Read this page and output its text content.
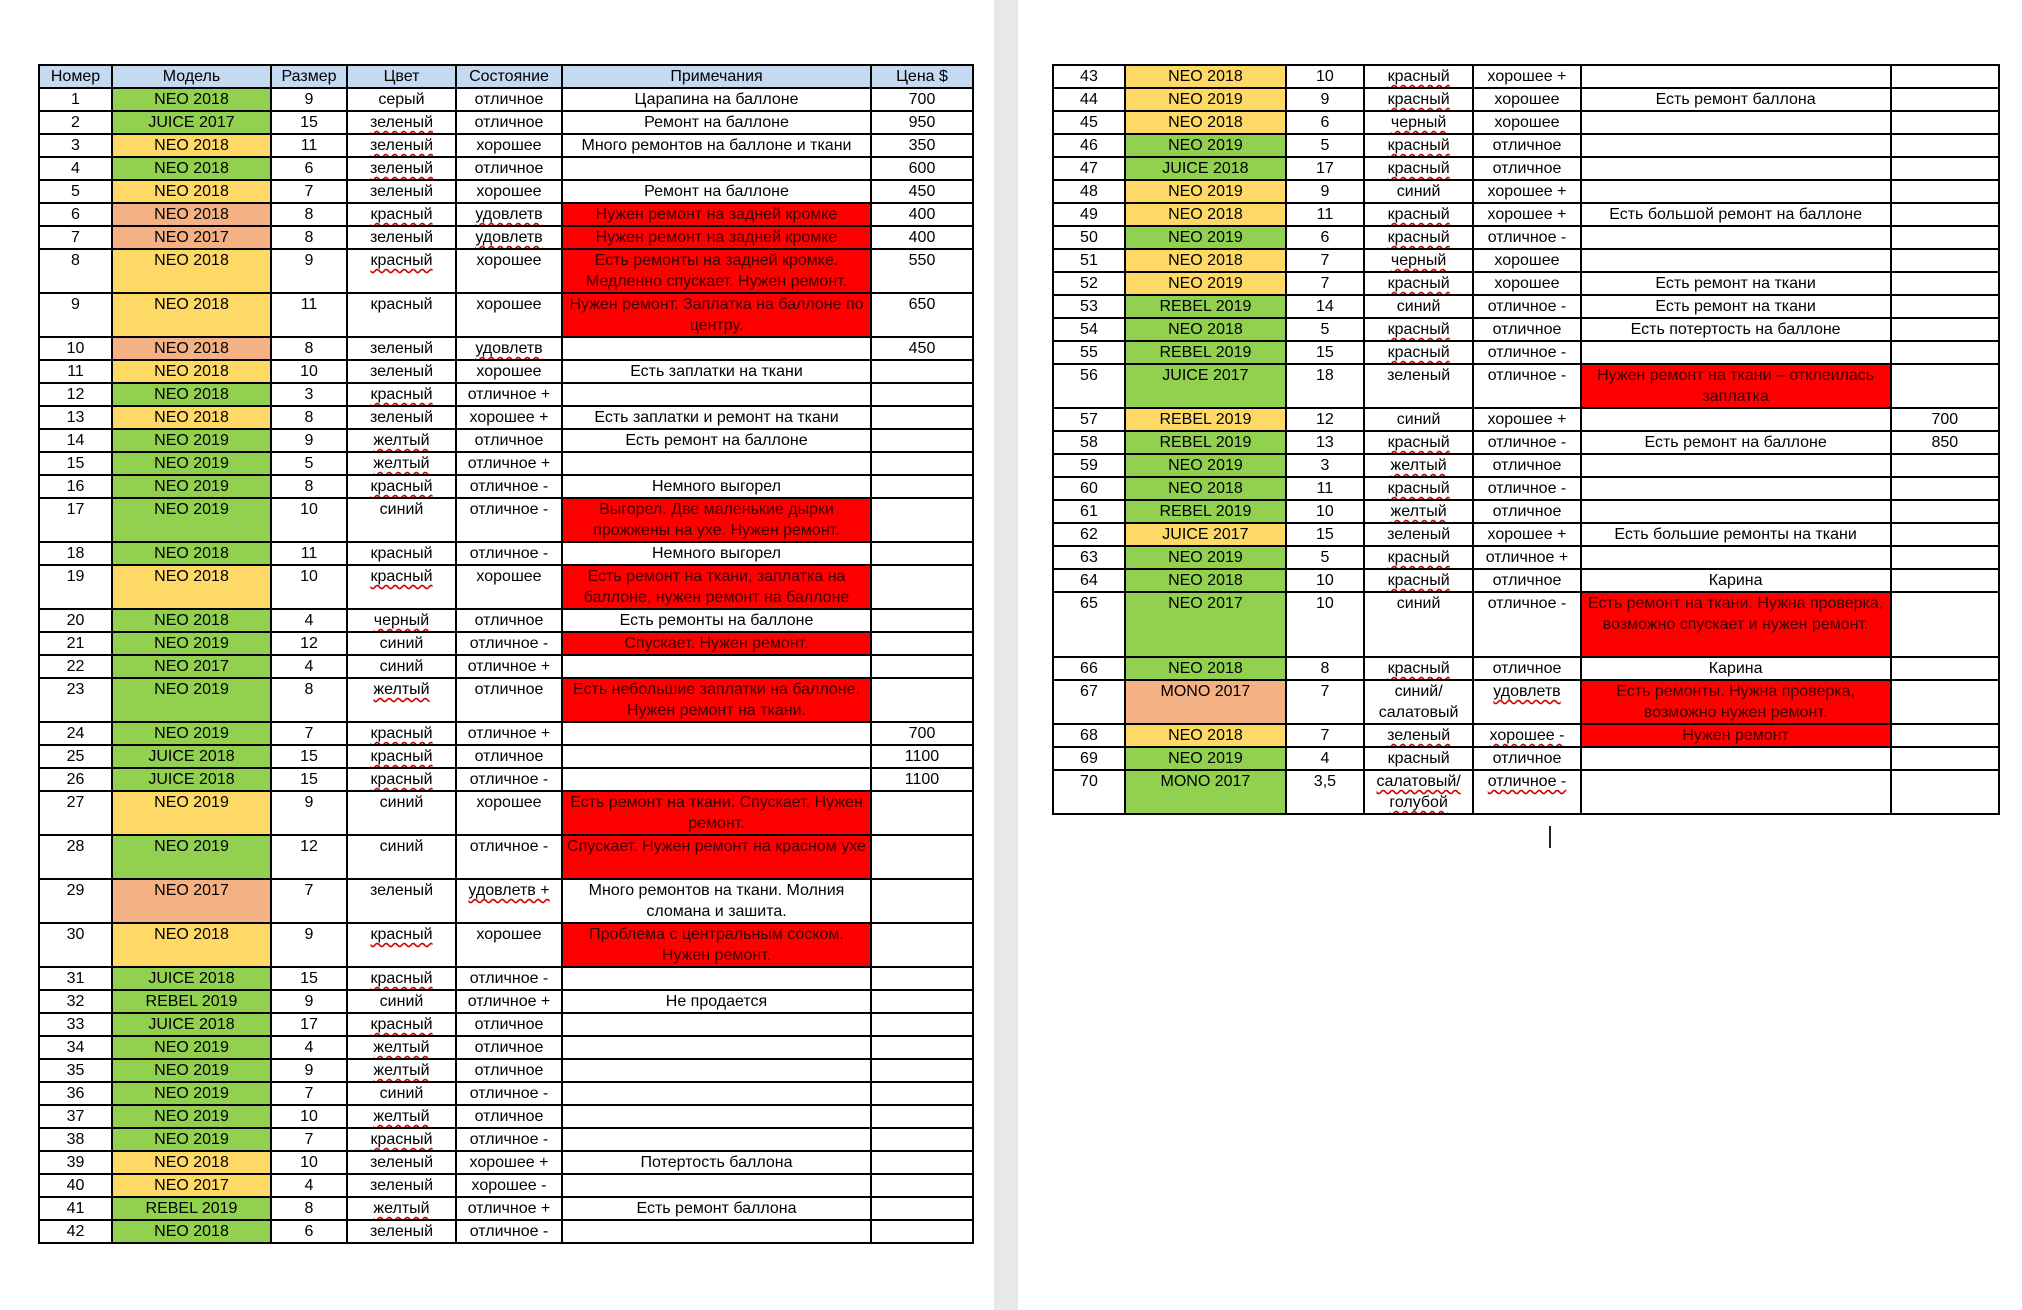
Номер	Модель	Размер	Цвет	Состояние	Примечания	Цена $
1	NEO 2018	9	серый	отличное	Царапина на баллоне	700
2	JUICE 2017	15	зеленый	отличное	Ремонт на баллоне	950
3	NEO 2018	11	зеленый	хорошее	Много ремонтов на баллоне и ткани	350
4	NEO 2018	6	зеленый	отличное		600
5	NEO 2018	7	зеленый	хорошее	Ремонт на баллоне	450
6	NEO 2018	8	красный	удовлетв	Нужен ремонт на задней кромке	400
7	NEO 2017	8	зеленый	удовлетв	Нужен ремонт на задней кромке	400
8	NEO 2018	9	красный	хорошее	Есть ремонты на задней кромке. Медленно спускает. Нужен ремонт.	550
9	NEO 2018	11	красный	хорошее	Нужен ремонт. Заплатка на баллоне по центру.	650
10	NEO 2018	8	зеленый	удовлетв		450
11	NEO 2018	10	зеленый	хорошее	Есть заплатки на ткани	
12	NEO 2018	3	красный	отличное +		
13	NEO 2018	8	зеленый	хорошее +	Есть заплатки и ремонт на ткани	
14	NEO 2019	9	желтый	отличное	Есть ремонт на баллоне	
15	NEO 2019	5	желтый	отличное +		
16	NEO 2019	8	красный	отличное -	Немного выгорел	
17	NEO 2019	10	синий	отличное -	Выгорел. Две маленькие дырки прожжены на ухе. Нужен ремонт.	
18	NEO 2018	11	красный	отличное -	Немного выгорел	
19	NEO 2018	10	красный	хорошее	Есть ремонт на ткани, заплатка на баллоне, нужен ремонт на баллоне	
20	NEO 2018	4	черный	отличное	Есть ремонты на баллоне	
21	NEO 2019	12	синий	отличное -	Спускает. Нужен ремонт.	
22	NEO 2017	4	синий	отличное +		
23	NEO 2019	8	желтый	отличное	Есть небольшие заплатки на баллоне. Нужен ремонт на ткани.	
24	NEO 2019	7	красный	отличное +		700
25	JUICE 2018	15	красный	отличное		1100
26	JUICE 2018	15	красный	отличное -		1100
27	NEO 2019	9	синий	хорошее	Есть ремонт на ткани. Спускает. Нужен ремонт.	
28	NEO 2019	12	синий	отличное -	Спускает. Нужен ремонт на красном ухе	
29	NEO 2017	7	зеленый	удовлетв +	Много ремонтов на ткани. Молния сломана и зашита.	
30	NEO 2018	9	красный	хорошее	Проблема с центральным соском. Нужен ремонт.	
31	JUICE 2018	15	красный	отличное -		
32	REBEL 2019	9	синий	отличное +	Не продается	
33	JUICE 2018	17	красный	отличное		
34	NEO 2019	4	желтый	отличное		
35	NEO 2019	9	желтый	отличное		
36	NEO 2019	7	синий	отличное -		
37	NEO 2019	10	желтый	отличное		
38	NEO 2019	7	красный	отличное -		
39	NEO 2018	10	зеленый	хорошее +	Потертость баллона	
40	NEO 2017	4	зеленый	хорошее -		
41	REBEL 2019	8	желтый	отличное +	Есть ремонт баллона	
42	NEO 2018	6	зеленый	отличное -		
43	NEO 2018	10	красный	хорошее +		
44	NEO 2019	9	красный	хорошее	Есть ремонт баллона	
45	NEO 2018	6	черный	хорошее		
46	NEO 2019	5	красный	отличное		
47	JUICE 2018	17	красный	отличное		
48	NEO 2019	9	синий	хорошее +		
49	NEO 2018	11	красный	хорошее +	Есть большой ремонт на баллоне	
50	NEO 2019	6	красный	отличное -		
51	NEO 2018	7	черный	хорошее		
52	NEO 2019	7	красный	хорошее	Есть ремонт на ткани	
53	REBEL 2019	14	синий	отличное -	Есть ремонт на ткани	
54	NEO 2018	5	красный	отличное	Есть потертость на баллоне	
55	REBEL 2019	15	красный	отличное -		
56	JUICE 2017	18	зеленый	отличное -	Нужен ремонт на ткани – отклеилась заплатка	
57	REBEL 2019	12	синий	хорошее +		700
58	REBEL 2019	13	красный	отличное -	Есть ремонт на баллоне	850
59	NEO 2019	3	желтый	отличное		
60	NEO 2018	11	красный	отличное -		
61	REBEL 2019	10	желтый	отличное		
62	JUICE 2017	15	зеленый	хорошее +	Есть большие ремонты на ткани	
63	NEO 2019	5	красный	отличное +		
64	NEO 2018	10	красный	отличное	Карина	
65	NEO 2017	10	синий	отличное -	Есть ремонт на ткани. Нужна проверка, возможно спускает и нужен ремонт.	
66	NEO 2018	8	красный	отличное	Карина	
67	MONO 2017	7	синий/ салатовый	удовлетв	Есть ремонты. Нужна проверка, возможно нужен ремонт.	
68	NEO 2018	7	зеленый	хорошее -	Нужен ремонт	
69	NEO 2019	4	красный	отличное		
70	MONO 2017	3,5	салатовый/ голубой	отличное -		
